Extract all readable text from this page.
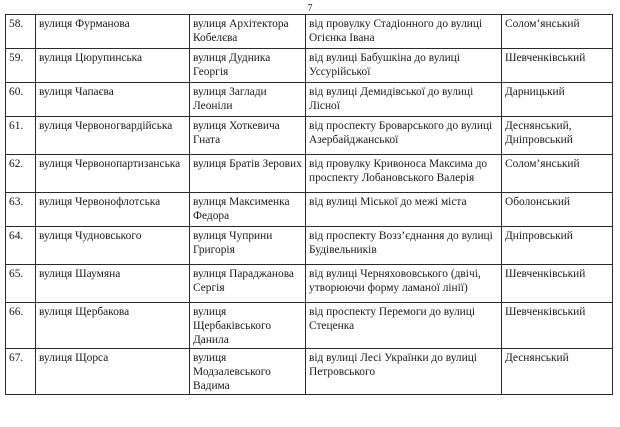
7
58.	вулиця Фурманова	вулиця Архітектора Кобелєва	від провулку Стадіонного до вулиці Огієнка Івана	Солом’янський
59.	вулиця Цюрупинська	вулиця Дудника Георгія	від вулиці Бабушкіна до вулиці Уссурійської	Шевченківський
60.	вулиця Чапаєва	вулиця Заглади Леоніли	від вулиці Демидівської до вулиці Лісної	Дарницький
61.	вулиця Червоногвардійська	вулиця Хоткевича Гната	від проспекту Броварського до вулиці Азербайджанської	Деснянський, Дніпровський
62.	вулиця Червонопартизанська	вулиця Братів Зерових	від провулку Кривоноса Максима до проспекту Лобановського Валерія	Солом’янський
63.	вулиця Червонофлотська	вулиця Максименка Федора	від вулиці Міської до межі міста	Оболонський
64.	вулиця Чудновського	вулиця Чуприни Григорія	від проспекту Возз’єднання до вулиці Будівельників	Дніпровський
65.	вулиця Шаумяна	вулиця Параджанова Сергія	від вулиці Черняхововського (двічі, утворюючи форму ламаної лінії)	Шевченківський
66.	вулиця Щербакова	вулиця Щербаківського Данила	від проспекту Перемоги до вулиці Стеценка	Шевченківський
67.	вулиця Щорса	вулиця Модзалевського Вадима	від вулиці Лесі Українки до вулиці Петровського	Деснянський
